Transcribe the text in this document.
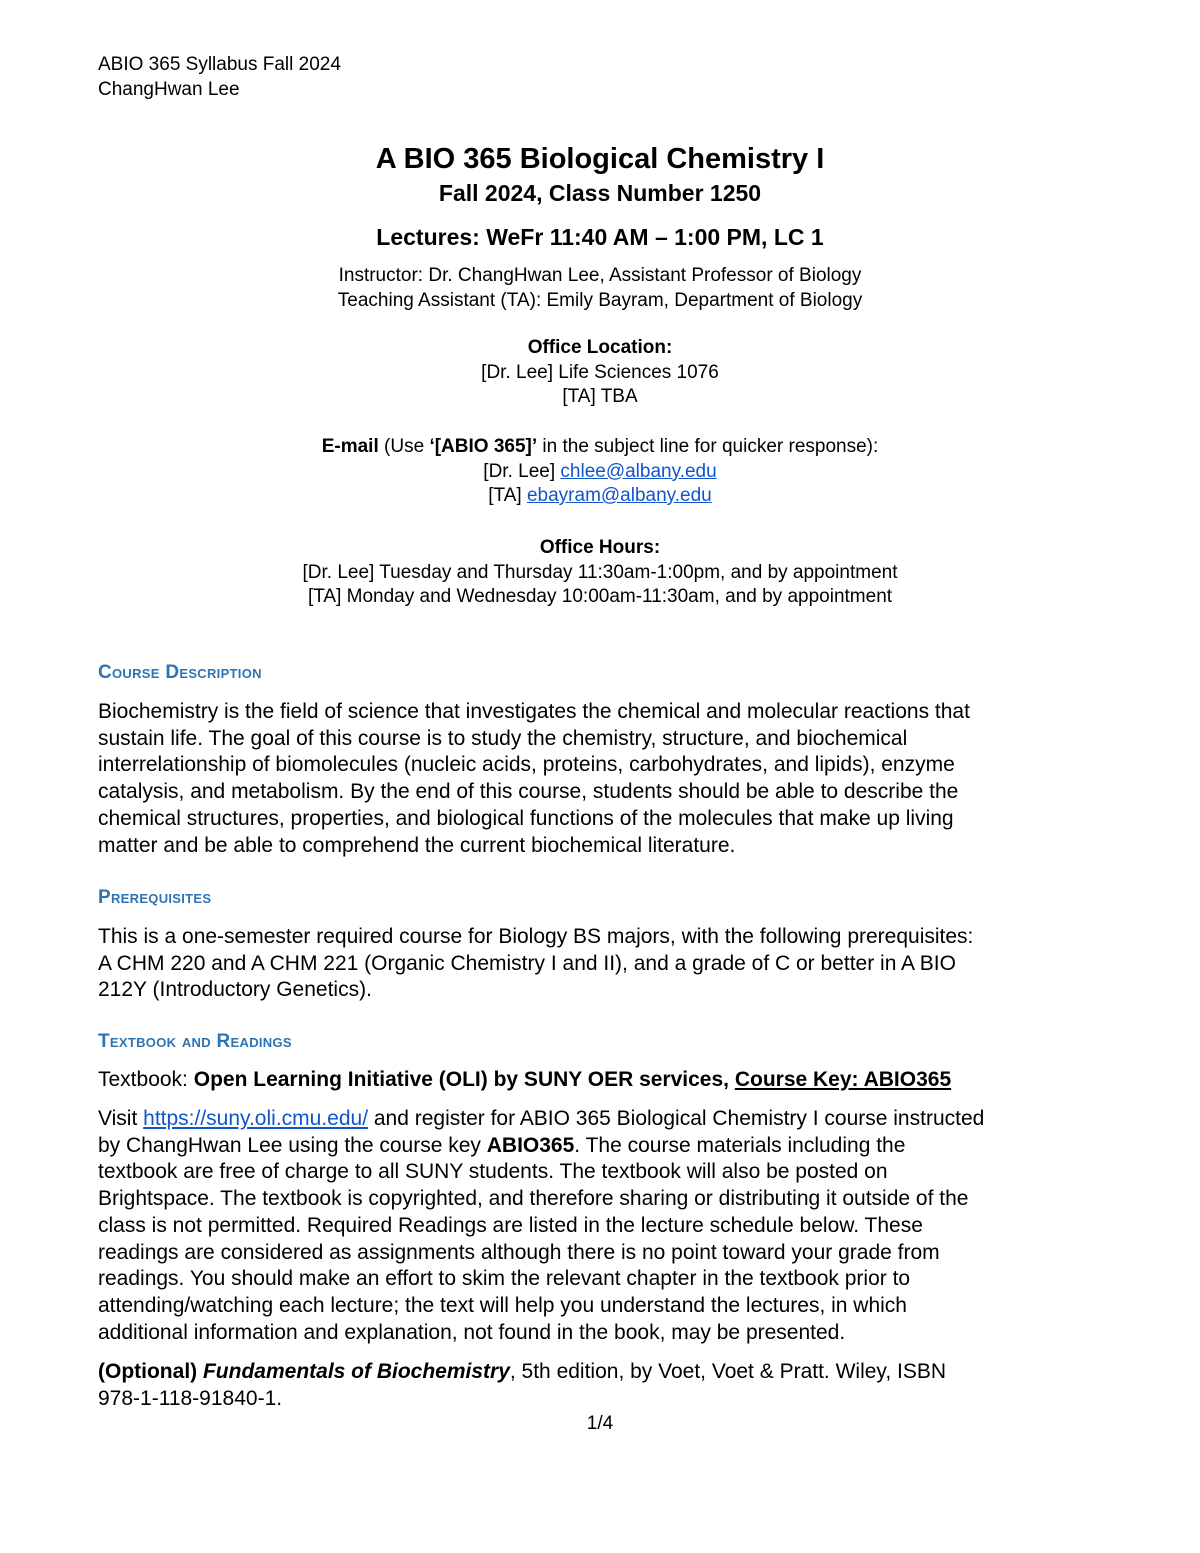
ABIO 365 Syllabus Fall 2024
ChangHwan Lee
A BIO 365 Biological Chemistry I
Fall 2024, Class Number 1250
Lectures: WeFr 11:40 AM – 1:00 PM, LC 1
Instructor: Dr. ChangHwan Lee, Assistant Professor of Biology
Teaching Assistant (TA): Emily Bayram, Department of Biology
Office Location:
[Dr. Lee] Life Sciences 1076
[TA] TBA
E-mail (Use ‘[ABIO 365]’ in the subject line for quicker response):
[Dr. Lee] chlee@albany.edu
[TA] ebayram@albany.edu
Office Hours:
[Dr. Lee] Tuesday and Thursday 11:30am-1:00pm, and by appointment
[TA] Monday and Wednesday 10:00am-11:30am, and by appointment
Course Description
Biochemistry is the field of science that investigates the chemical and molecular reactions that
sustain life. The goal of this course is to study the chemistry, structure, and biochemical
interrelationship of biomolecules (nucleic acids, proteins, carbohydrates, and lipids), enzyme
catalysis, and metabolism. By the end of this course, students should be able to describe the
chemical structures, properties, and biological functions of the molecules that make up living
matter and be able to comprehend the current biochemical literature.
Prerequisites
This is a one-semester required course for Biology BS majors, with the following prerequisites:
A CHM 220 and A CHM 221 (Organic Chemistry I and II), and a grade of C or better in A BIO
212Y (Introductory Genetics).
Textbook and Readings
Textbook: Open Learning Initiative (OLI) by SUNY OER services, Course Key: ABIO365
Visit https://suny.oli.cmu.edu/ and register for ABIO 365 Biological Chemistry I course instructed
by ChangHwan Lee using the course key ABIO365. The course materials including the
textbook are free of charge to all SUNY students. The textbook will also be posted on
Brightspace. The textbook is copyrighted, and therefore sharing or distributing it outside of the
class is not permitted. Required Readings are listed in the lecture schedule below. These
readings are considered as assignments although there is no point toward your grade from
readings. You should make an effort to skim the relevant chapter in the textbook prior to
attending/watching each lecture; the text will help you understand the lectures, in which
additional information and explanation, not found in the book, may be presented.
(Optional) Fundamentals of Biochemistry, 5th edition, by Voet, Voet & Pratt. Wiley, ISBN
978-1-118-91840-1.
1/4
